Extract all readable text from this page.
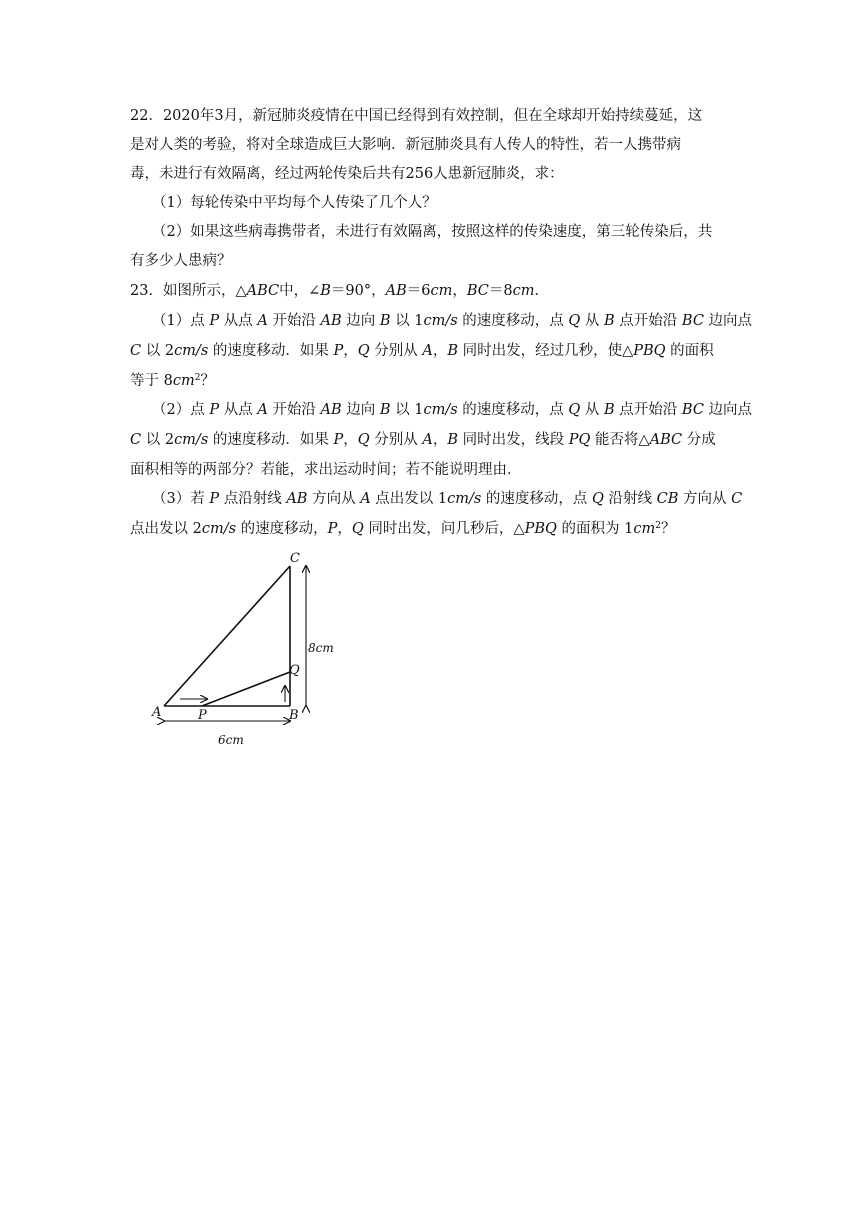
22．2020年3月，新冠肺炎疫情在中国已经得到有效控制，但在全球却开始持续蔓延，这
是对人类的考验，将对全球造成巨大影响．新冠肺炎具有人传人的特性，若一人携带病
毒，未进行有效隔离，经过两轮传染后共有256人患新冠肺炎，求：
（1）每轮传染中平均每个人传染了几个人？
（2）如果这些病毒携带者，未进行有效隔离，按照这样的传染速度，第三轮传染后，共
有多少人患病？
23．如图所示，△ABC中，∠B＝90°，AB＝6cm，BC＝8cm．
（1）点 P 从点 A 开始沿 AB 边向 B 以 1cm/s 的速度移动，点 Q 从 B 点开始沿 BC 边向点
C 以 2cm/s 的速度移动．如果 P，Q 分别从 A，B 同时出发，经过几秒，使△PBQ 的面积
等于 $8cm^2$？
（2）点 P 从点 A 开始沿 AB 边向 B 以 1cm/s 的速度移动，点 Q 从 B 点开始沿 BC 边向点
C 以 2cm/s 的速度移动．如果 P，Q 分别从 A，B 同时出发，线段 PQ 能否将△ABC 分成
面积相等的两部分？若能，求出运动时间；若不能说明理由．
（3）若 P 点沿射线 AB 方向从 A 点出发以 1cm/s 的速度移动，点 Q 沿射线 CB 方向从 C
点出发以 2cm/s 的速度移动，P，Q 同时出发，问几秒后，△PBQ 的面积为 $1cm^2$？
A	B
C
P
Q
8cm
6cm
